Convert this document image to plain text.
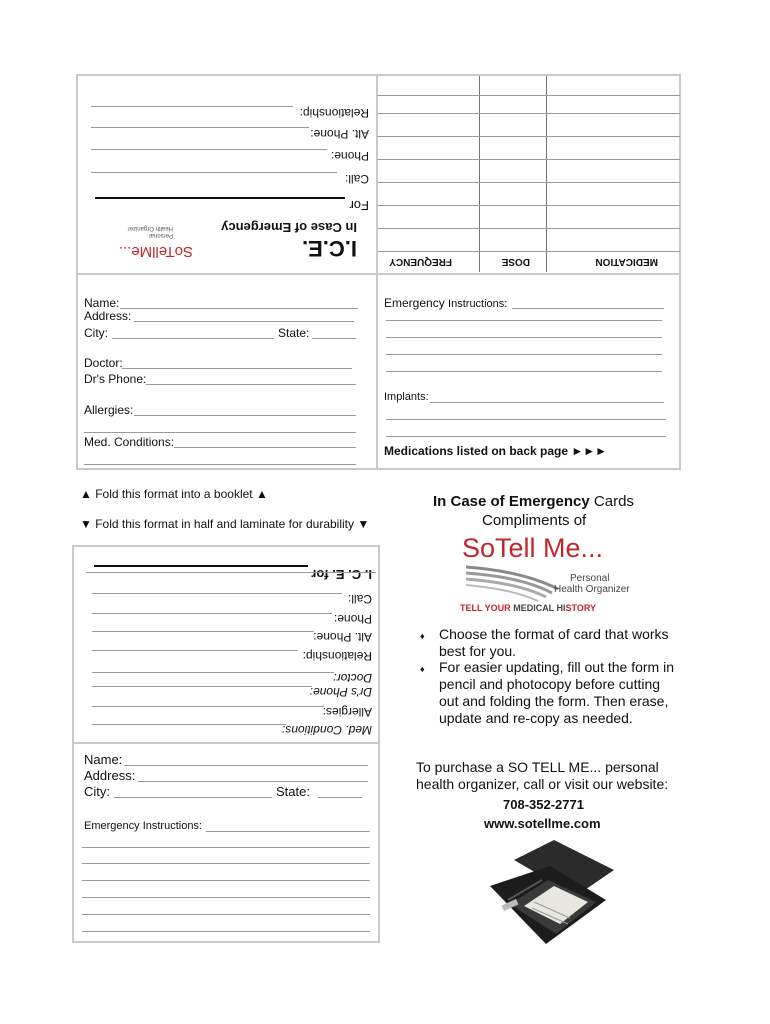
I.C.E.
In Case of Emergency
SoTellMe...
Personal
Health Organizer
For
Call:
Phone:
Alt. Phone:
Relationship:
MEDICATION
DOSE
FREQUENCY
Name:
Address:
City:	State:
Doctor:
Dr's Phone:
Allergies:
Med. Conditions:
Emergency Instructions:
Implants:
Medications listed on back page ►►►
▲ Fold this format into a booklet ▲
▼ Fold this format in half and laminate for durability ▼
I. C. E. for
Call:
Phone:
Alt. Phone:
Relationship:
Doctor:
Dr's Phone:
Allergies:
Med. Conditions:
Name:
Address:
City:	State:
Emergency Instructions:
In Case of Emergency Cards
Compliments of
SoTell Me...
Personal
Health Organizer
TELL YOUR MEDICAL HISTORY
♦ Choose the format of card that works
best for you.
♦ For easier updating, fill out the form in
pencil and photocopy before cutting
out and folding the form. Then erase,
update and re-copy as needed.
To purchase a SO TELL ME... personal
health organizer, call or visit our website:
708-352-2771
www.sotellme.com
